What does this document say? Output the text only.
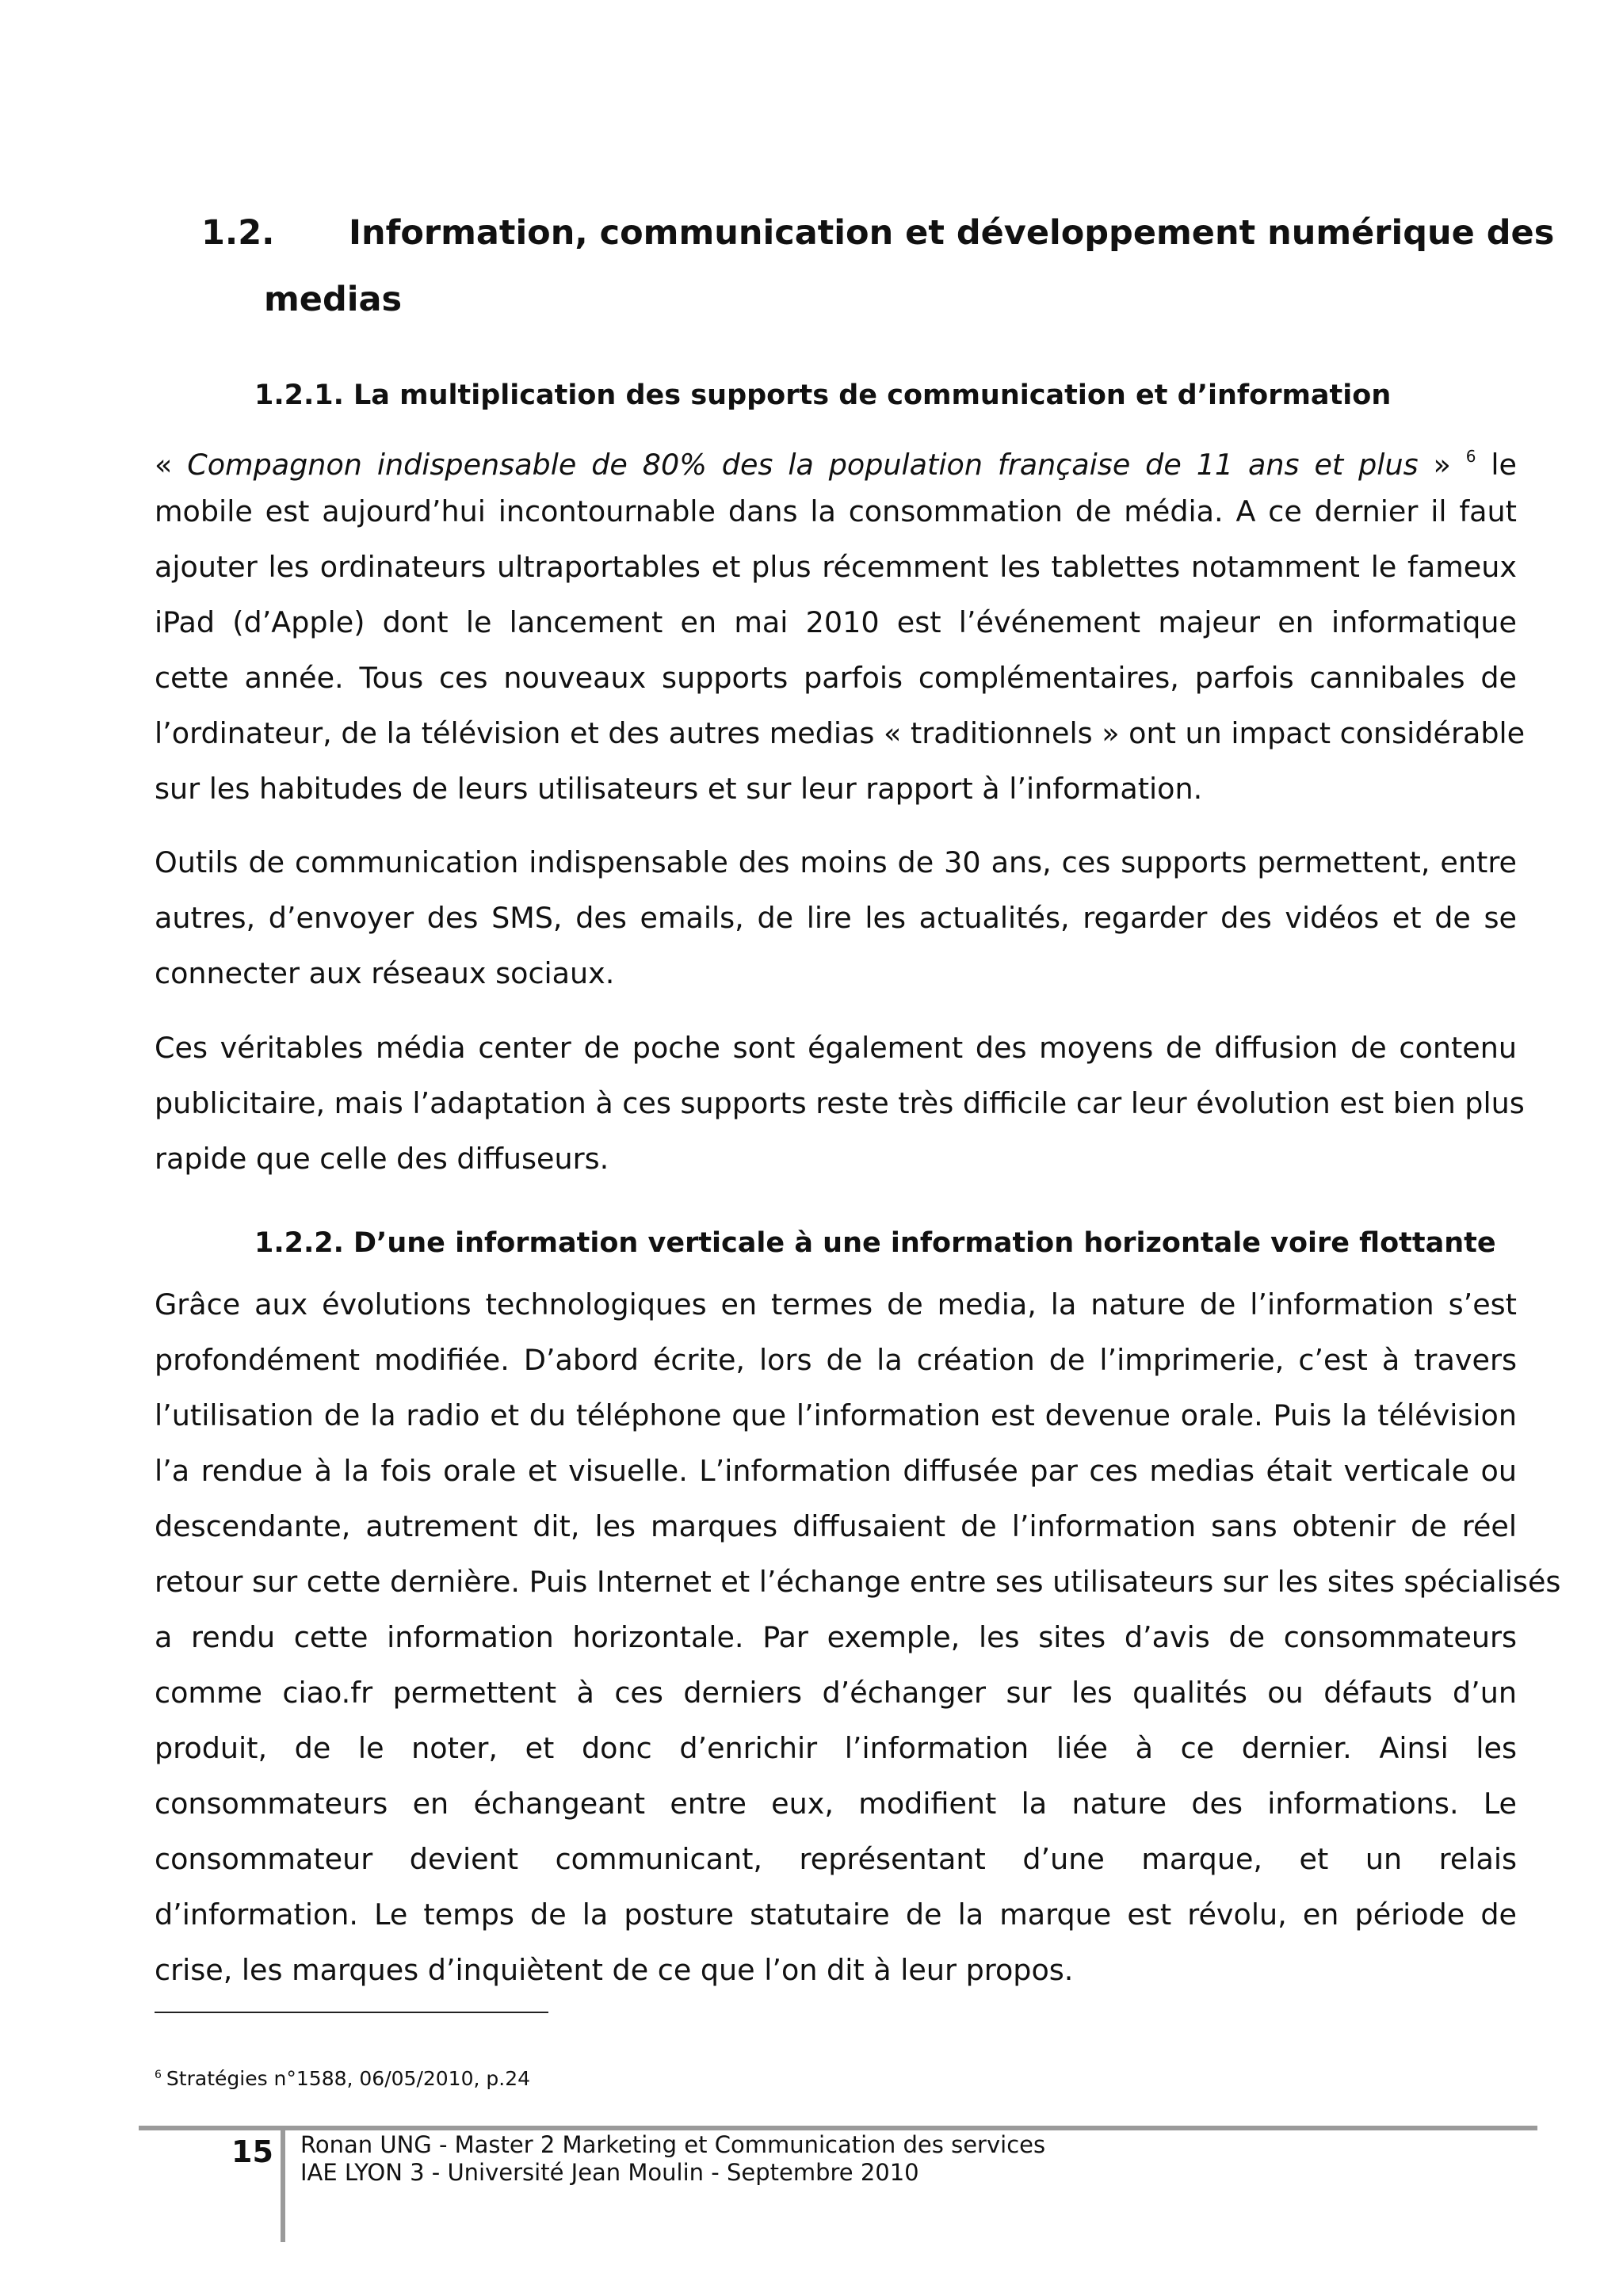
1.2. Information, communication et développement numérique des
medias
1.2.1. La multiplication des supports de communication et d’information
« Compagnon indispensable de 80% des la population française de 11 ans et plus » $^6$ le
mobile est aujourd’hui incontournable dans la consommation de média. A ce dernier il faut
ajouter les ordinateurs ultraportables et plus récemment les tablettes notamment le fameux
iPad (d’Apple) dont le lancement en mai 2010 est l’événement majeur en informatique
cette année. Tous ces nouveaux supports parfois complémentaires, parfois cannibales de
l’ordinateur, de la télévision et des autres medias « traditionnels » ont un impact considérable
sur les habitudes de leurs utilisateurs et sur leur rapport à l’information.
Outils de communication indispensable des moins de 30 ans, ces supports permettent, entre
autres, d’envoyer des SMS, des emails, de lire les actualités, regarder des vidéos et de se
connecter aux réseaux sociaux.
Ces véritables média center de poche sont également des moyens de diffusion de contenu
publicitaire, mais l’adaptation à ces supports reste très difficile car leur évolution est bien plus
rapide que celle des diffuseurs.
1.2.2. D’une information verticale à une information horizontale voire flottante
Grâce aux évolutions technologiques en termes de media, la nature de l’information s’est
profondément modifiée. D’abord écrite, lors de la création de l’imprimerie, c’est à travers
l’utilisation de la radio et du téléphone que l’information est devenue orale. Puis la télévision
l’a rendue à la fois orale et visuelle. L’information diffusée par ces medias était verticale ou
descendante, autrement dit, les marques diffusaient de l’information sans obtenir de réel
retour sur cette dernière. Puis Internet et l’échange entre ses utilisateurs sur les sites spécialisés
a rendu cette information horizontale. Par exemple, les sites d’avis de consommateurs
comme ciao.fr permettent à ces derniers d’échanger sur les qualités ou défauts d’un
produit, de le noter, et donc d’enrichir l’information liée à ce dernier. Ainsi les
consommateurs en échangeant entre eux, modifient la nature des informations. Le
consommateur devient communicant, représentant d’une marque, et un relais
d’information. Le temps de la posture statutaire de la marque est révolu, en période de
crise, les marques d’inquiètent de ce que l’on dit à leur propos.
$^6$ Stratégies n°1588, 06/05/2010, p.24
15 Ronan UNG - Master 2 Marketing et Communication des services
IAE LYON 3 - Université Jean Moulin - Septembre 2010
